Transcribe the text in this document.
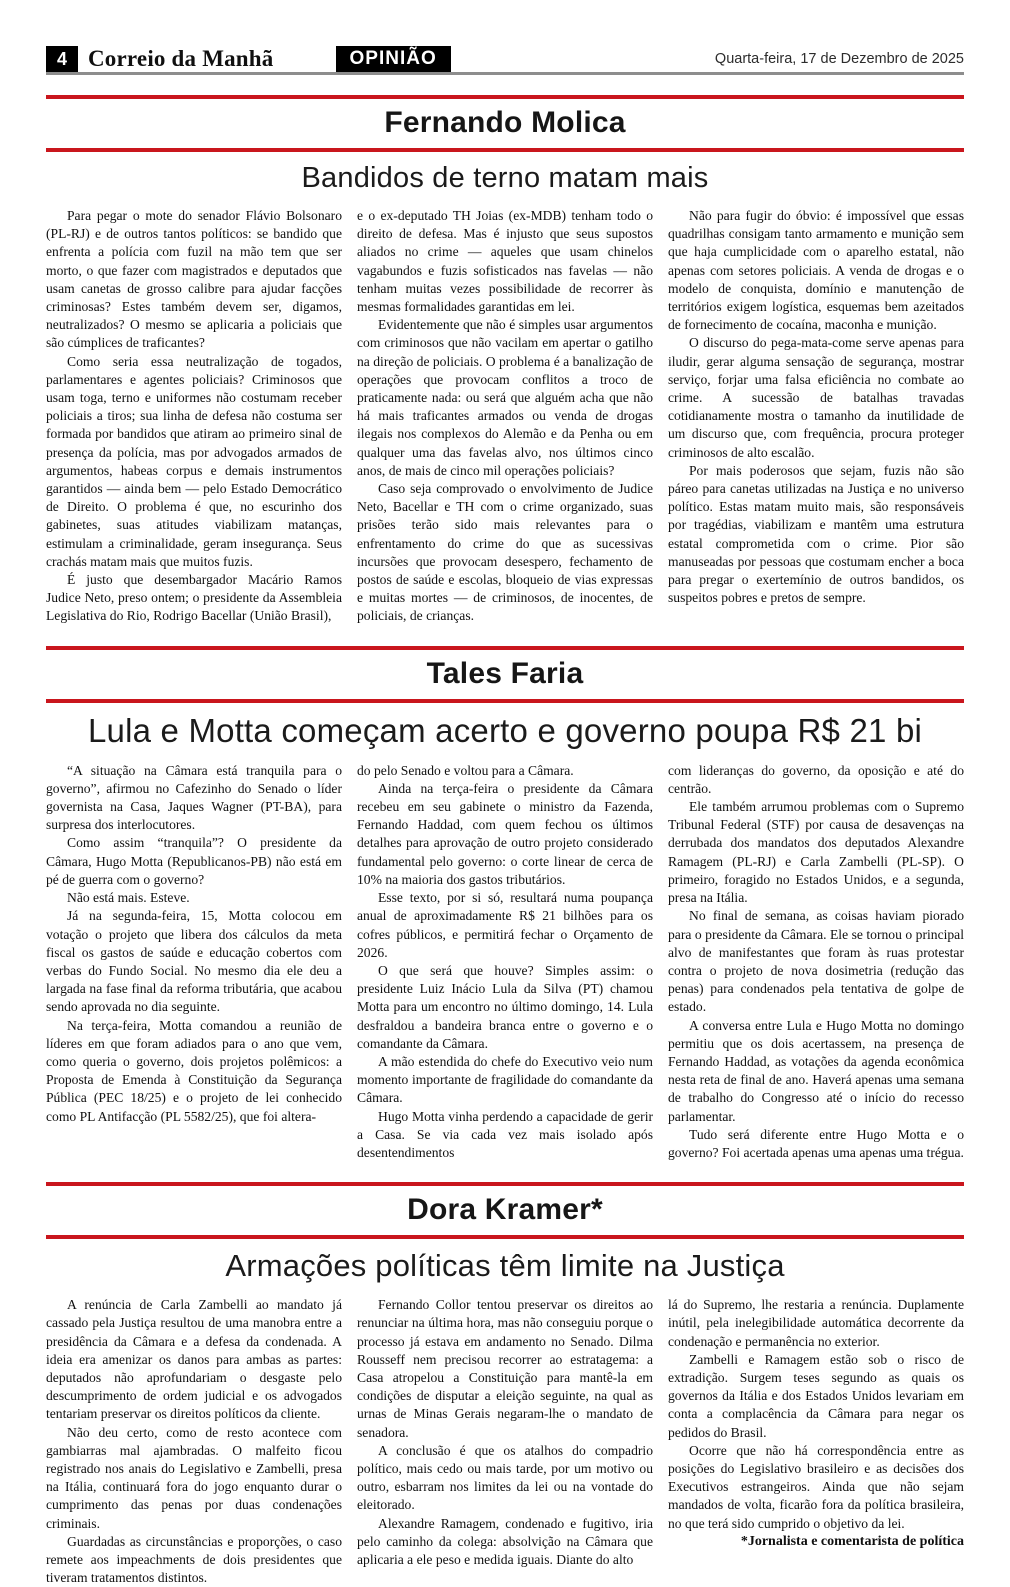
4 Correio da Manhã	OPINIÃO	Quarta-feira, 17 de Dezembro de 2025
Fernando Molica
Bandidos de terno matam mais

Para pegar o mote do senador Flávio Bolsonaro (PL-RJ) e de outros tantos políticos: se bandido que enfrenta a polícia com fuzil na mão tem que ser morto, o que fazer com magistrados e deputados que usam canetas de grosso calibre para ajudar facções criminosas? Estes também devem ser, digamos, neutralizados? O mesmo se aplicaria a policiais que são cúmplices de traficantes?

Como seria essa neutralização de togados, parlamentares e agentes policiais? Criminosos que usam toga, terno e uniformes não costumam receber policiais a tiros; sua linha de defesa não costuma ser formada por bandidos que atiram ao primeiro sinal de presença da polícia, mas por advogados armados de argumentos, habeas corpus e demais instrumentos garantidos — ainda bem — pelo Estado Democrático de Direito. O problema é que, no escurinho dos gabinetes, suas atitudes viabilizam matanças, estimulam a criminalidade, geram insegurança. Seus crachás matam mais que muitos fuzis.

É justo que desembargador Macário Ramos Judice Neto, preso ontem; o presidente da Assembleia Legislativa do Rio, Rodrigo Bacellar (União Brasil),

e o ex-deputado TH Joias (ex-MDB) tenham todo o direito de defesa. Mas é injusto que seus supostos aliados no crime — aqueles que usam chinelos vagabundos e fuzis sofisticados nas favelas — não tenham muitas vezes possibilidade de recorrer às mesmas formalidades garantidas em lei.

Evidentemente que não é simples usar argumentos com criminosos que não vacilam em apertar o gatilho na direção de policiais. O problema é a banalização de operações que provocam conflitos a troco de praticamente nada: ou será que alguém acha que não há mais traficantes armados ou venda de drogas ilegais nos complexos do Alemão e da Penha ou em qualquer uma das favelas alvo, nos últimos cinco anos, de mais de cinco mil operações policiais?

Caso seja comprovado o envolvimento de Judice Neto, Bacellar e TH com o crime organizado, suas prisões terão sido mais relevantes para o enfrentamento do crime do que as sucessivas incursões que provocam desespero, fechamento de postos de saúde e escolas, bloqueio de vias expressas e muitas mortes — de criminosos, de inocentes, de policiais, de crianças.

Não para fugir do óbvio: é impossível que essas quadrilhas consigam tanto armamento e munição sem que haja cumplicidade com o aparelho estatal, não apenas com setores policiais. A venda de drogas e o modelo de conquista, domínio e manutenção de territórios exigem logística, esquemas bem azeitados de fornecimento de cocaína, maconha e munição.

O discurso do pega-mata-come serve apenas para iludir, gerar alguma sensação de segurança, mostrar serviço, forjar uma falsa eficiência no combate ao crime. A sucessão de batalhas travadas cotidianamente mostra o tamanho da inutilidade de um discurso que, com frequência, procura proteger criminosos de alto escalão.

Por mais poderosos que sejam, fuzis não são páreo para canetas utilizadas na Justiça e no universo político. Estas matam muito mais, são responsáveis por tragédias, viabilizam e mantêm uma estrutura estatal comprometida com o crime. Pior são manuseadas por pessoas que costumam encher a boca para pregar o exertemínio de outros bandidos, os suspeitos pobres e pretos de sempre.

Tales Faria
Lula e Motta começam acerto e governo poupa R$ 21 bi

“A situação na Câmara está tranquila para o governo”, afirmou no Cafezinho do Senado o líder governista na Casa, Jaques Wagner (PT-BA), para surpresa dos interlocutores.

Como assim “tranquila”? O presidente da Câmara, Hugo Motta (Republicanos-PB) não está em pé de guerra com o governo?

Não está mais. Esteve.

Já na segunda-feira, 15, Motta colocou em votação o projeto que libera dos cálculos da meta fiscal os gastos de saúde e educação cobertos com verbas do Fundo Social. No mesmo dia ele deu a largada na fase final da reforma tributária, que acabou sendo aprovada no dia seguinte.

Na terça-feira, Motta comandou a reunião de líderes em que foram adiados para o ano que vem, como queria o governo, dois projetos polêmicos: a Proposta de Emenda à Constituição da Segurança Pública (PEC 18/25) e o projeto de lei conhecido como PL Antifacção (PL 5582/25), que foi altera-

do pelo Senado e voltou para a Câmara.

Ainda na terça-feira o presidente da Câmara recebeu em seu gabinete o ministro da Fazenda, Fernando Haddad, com quem fechou os últimos detalhes para aprovação de outro projeto considerado fundamental pelo governo: o corte linear de cerca de 10% na maioria dos gastos tributários.

Esse texto, por si só, resultará numa poupança anual de aproximadamente R$ 21 bilhões para os cofres públicos, e permitirá fechar o Orçamento de 2026.

O que será que houve? Simples assim: o presidente Luiz Inácio Lula da Silva (PT) chamou Motta para um encontro no último domingo, 14. Lula desfraldou a bandeira branca entre o governo e o comandante da Câmara.

A mão estendida do chefe do Executivo veio num momento importante de fragilidade do comandante da Câmara.

Hugo Motta vinha perdendo a capacidade de gerir a Casa. Se via cada vez mais isolado após desentendimentos

com lideranças do governo, da oposição e até do centrão.

Ele também arrumou problemas com o Supremo Tribunal Federal (STF) por causa de desavenças na derrubada dos mandatos dos deputados Alexandre Ramagem (PL-RJ) e Carla Zambelli (PL-SP). O primeiro, foragido no Estados Unidos, e a segunda, presa na Itália.

No final de semana, as coisas haviam piorado para o presidente da Câmara. Ele se tornou o principal alvo de manifestantes que foram às ruas protestar contra o projeto de nova dosimetria (redução das penas) para condenados pela tentativa de golpe de estado.

A conversa entre Lula e Hugo Motta no domingo permitiu que os dois acertassem, na presença de Fernando Haddad, as votações da agenda econômica nesta reta de final de ano. Haverá apenas uma semana de trabalho do Congresso até o início do recesso parlamentar.

Tudo será diferente entre Hugo Motta e o governo? Foi acertada apenas uma apenas uma trégua.

Dora Kramer*
Armações políticas têm limite na Justiça

A renúncia de Carla Zambelli ao mandato já cassado pela Justiça resultou de uma manobra entre a presidência da Câmara e a defesa da condenada. A ideia era amenizar os danos para ambas as partes: deputados não aprofundariam o desgaste pelo descumprimento de ordem judicial e os advogados tentariam preservar os direitos políticos da cliente.

Não deu certo, como de resto acontece com gambiarras mal ajambradas. O malfeito ficou registrado nos anais do Legislativo e Zambelli, presa na Itália, continuará fora do jogo enquanto durar o cumprimento das penas por duas condenações criminais.

Guardadas as circunstâncias e proporções, o caso remete aos impeachments de dois presidentes que tiveram tratamentos distintos.

Fernando Collor tentou preservar os direitos ao renunciar na última hora, mas não conseguiu porque o processo já estava em andamento no Senado. Dilma Rousseff nem precisou recorrer ao estratagema: a Casa atropelou a Constituição para mantê-la em condições de disputar a eleição seguinte, na qual as urnas de Minas Gerais negaram-lhe o mandato de senadora.

A conclusão é que os atalhos do compadrio político, mais cedo ou mais tarde, por um motivo ou outro, esbarram nos limites da lei ou na vontade do eleitorado.

Alexandre Ramagem, condenado e fugitivo, iria pelo caminho da colega: absolvição na Câmara que aplicaria a ele peso e medida iguais. Diante do alto

lá do Supremo, lhe restaria a renúncia. Duplamente inútil, pela inelegibilidade automática decorrente da condenação e permanência no exterior.

Zambelli e Ramagem estão sob o risco de extradição. Surgem teses segundo as quais os governos da Itália e dos Estados Unidos levariam em conta a complacência da Câmara para negar os pedidos do Brasil.

Ocorre que não há correspondência entre as posições do Legislativo brasileiro e as decisões dos Executivos estrangeiros. Ainda que não sejam mandados de volta, ficarão fora da política brasileira, no que terá sido cumprido o objetivo da lei.

*Jornalista e comentarista de política
